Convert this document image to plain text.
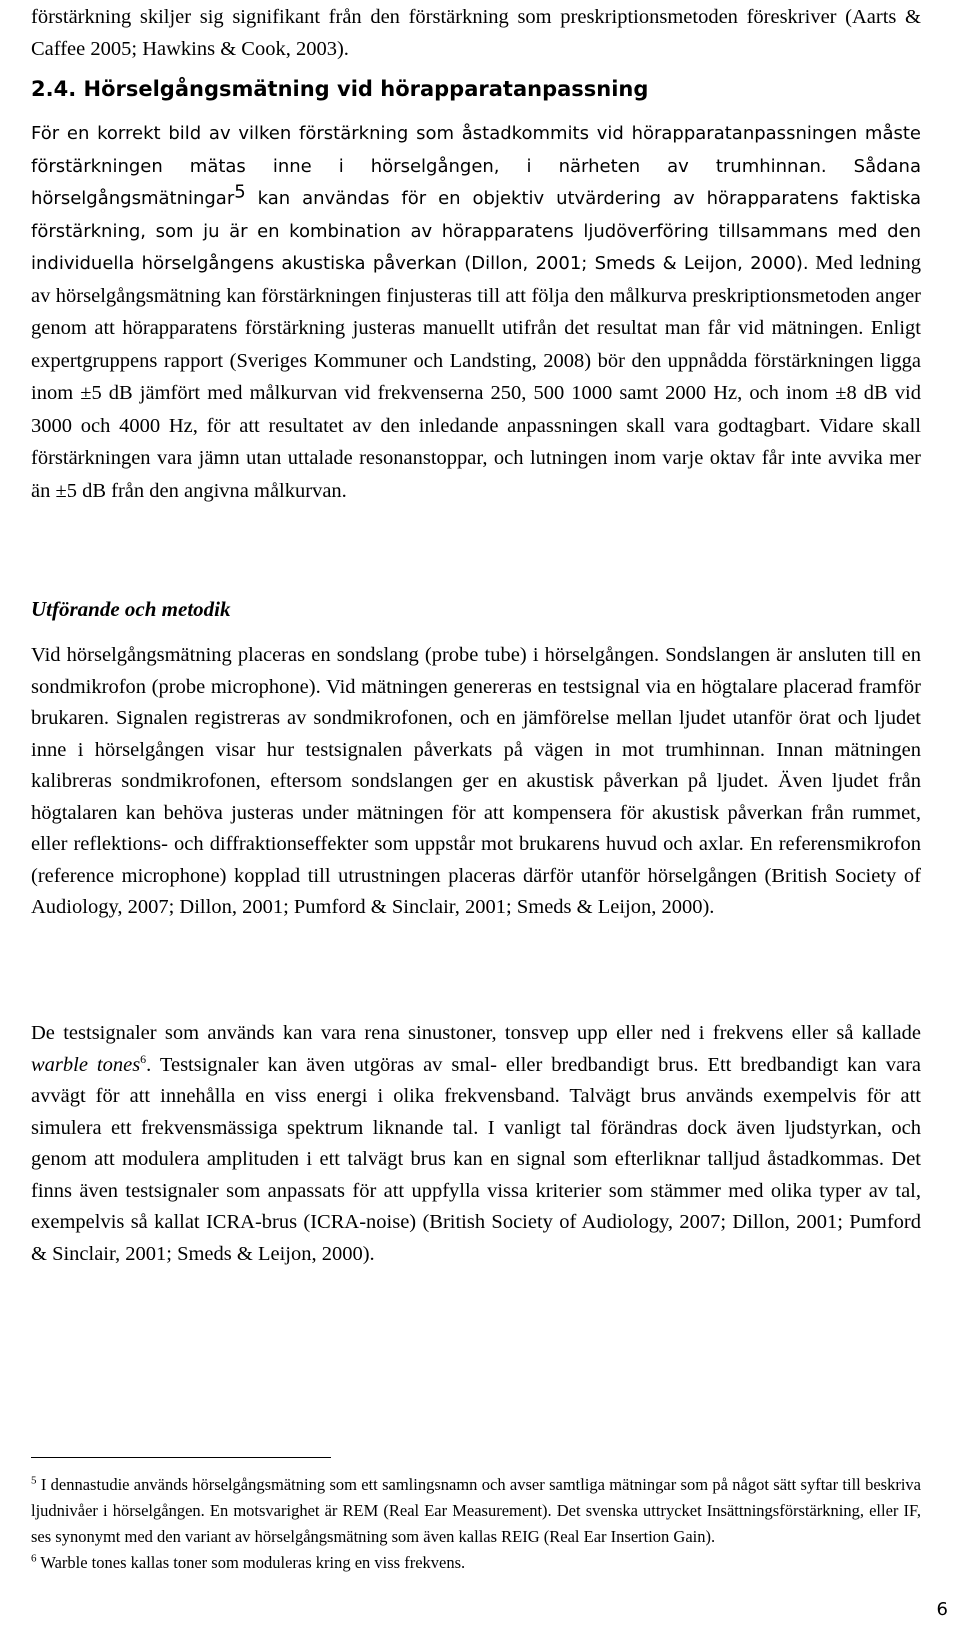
förstärkning skiljer sig signifikant från den förstärkning som preskriptionsmetoden föreskriver (Aarts & Caffee 2005; Hawkins & Cook, 2003).

2.4. Hörselgångsmätning vid hörapparatanpassning

För en korrekt bild av vilken förstärkning som åstadkommits vid hörapparatanpassningen måste förstärkningen mätas inne i hörselgången, i närheten av trumhinnan. Sådana hörselgångsmätningar$^5$ kan användas för en objektiv utvärdering av hörapparatens faktiska förstärkning, som ju är en kombination av hörapparatens ljudöverföring tillsammans med den individuella hörselgångens akustiska påverkan (Dillon, 2001; Smeds & Leijon, 2000). Med ledning av hörselgångsmätning kan förstärkningen finjusteras till att följa den målkurva preskriptionsmetoden anger genom att hörapparatens förstärkning justeras manuellt utifrån det resultat man får vid mätningen. Enligt expertgruppens rapport (Sveriges Kommuner och Landsting, 2008) bör den uppnådda förstärkningen ligga inom ±5 dB jämfört med målkurvan vid frekvenserna 250, 500 1000 samt 2000 Hz, och inom ±8 dB vid 3000 och 4000 Hz, för att resultatet av den inledande anpassningen skall vara godtagbart. Vidare skall förstärkningen vara jämn utan uttalade resonanstoppar, och lutningen inom varje oktav får inte avvika mer än ±5 dB från den angivna målkurvan.

Utförande och metodik

Vid hörselgångsmätning placeras en sondslang (probe tube) i hörselgången. Sondslangen är ansluten till en sondmikrofon (probe microphone). Vid mätningen genereras en testsignal via en högtalare placerad framför brukaren. Signalen registreras av sondmikrofonen, och en jämförelse mellan ljudet utanför örat och ljudet inne i hörselgången visar hur testsignalen påverkats på vägen in mot trumhinnan. Innan mätningen kalibreras sondmikrofonen, eftersom sondslangen ger en akustisk påverkan på ljudet. Även ljudet från högtalaren kan behöva justeras under mätningen för att kompensera för akustisk påverkan från rummet, eller reflektions- och diffraktionseffekter som uppstår mot brukarens huvud och axlar. En referensmikrofon (reference microphone) kopplad till utrustningen placeras därför utanför hörselgången (British Society of Audiology, 2007; Dillon, 2001; Pumford & Sinclair, 2001; Smeds & Leijon, 2000).

De testsignaler som används kan vara rena sinustoner, tonsvep upp eller ned i frekvens eller så kallade warble tones$^6$. Testsignaler kan även utgöras av smal- eller bredbandigt brus. Ett bredbandigt kan vara avvägt för att innehålla en viss energi i olika frekvensband. Talvägt brus används exempelvis för att simulera ett frekvensmässiga spektrum liknande tal. I vanligt tal förändras dock även ljudstyrkan, och genom att modulera amplituden i ett talvägt brus kan en signal som efterliknar talljud åstadkommas. Det finns även testsignaler som anpassats för att uppfylla vissa kriterier som stämmer med olika typer av tal, exempelvis så kallat ICRA-brus (ICRA-noise) (British Society of Audiology, 2007; Dillon, 2001; Pumford & Sinclair, 2001; Smeds & Leijon, 2000).

$^5$ I dennastudie används hörselgångsmätning som ett samlingsnamn och avser samtliga mätningar som på något sätt syftar till beskriva ljudnivåer i hörselgången. En motsvarighet är REM (Real Ear Measurement). Det svenska uttrycket Insättningsförstärkning, eller IF, ses synonymt med den variant av hörselgångsmätning som även kallas REIG (Real Ear Insertion Gain).

$^6$ Warble tones kallas toner som moduleras kring en viss frekvens.

6
